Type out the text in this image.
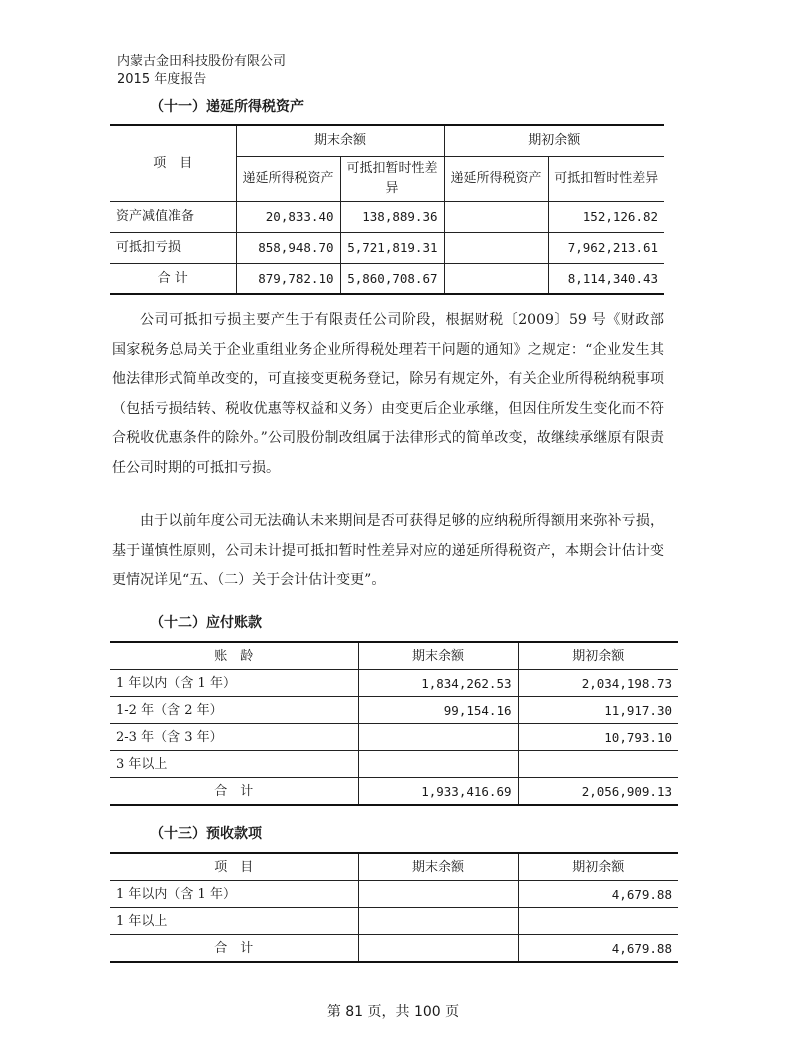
内蒙古金田科技股份有限公司
2015 年度报告
（十一）递延所得税资产
项　目	期末余额		期初余额	
	递延所得税资产	可抵扣暂时性差异	递延所得税资产	可抵扣暂时性差异
资产减值准备	20,833.40	138,889.36		152,126.82
可抵扣亏损	858,948.70	5,721,819.31		7,962,213.61
合 计	879,782.10	5,860,708.67		8,114,340.43

公司可抵扣亏损主要产生于有限责任公司阶段，根据财税〔2009〕59 号《财政部 国家税务总局关于企业重组业务企业所得税处理若干问题的通知》之规定：“企业发生其他法律形式简单改变的，可直接变更税务登记，除另有规定外，有关企业所得税纳税事项（包括亏损结转、税收优惠等权益和义务）由变更后企业承继，但因住所发生变化而不符合税收优惠条件的除外。”公司股份制改组属于法律形式的简单改变，故继续承继原有限责任公司时期的可抵扣亏损。

由于以前年度公司无法确认未来期间是否可获得足够的应纳税所得额用来弥补亏损，基于谨慎性原则，公司未计提可抵扣暂时性差异对应的递延所得税资产，本期会计估计变更情况详见“五、（二）关于会计估计变更”。

（十二）应付账款
账　龄	期末余额	期初余额
1 年以内（含 1 年）	1,834,262.53	2,034,198.73
1-2 年（含 2 年）	99,154.16	11,917.30
2-3 年（含 3 年）		10,793.10
3 年以上		
合　计	1,933,416.69	2,056,909.13
（十三）预收款项
项　目	期末余额	期初余额
1 年以内（含 1 年）		4,679.88
1 年以上		
合　计		4,679.88
第 81 页，共 100 页
